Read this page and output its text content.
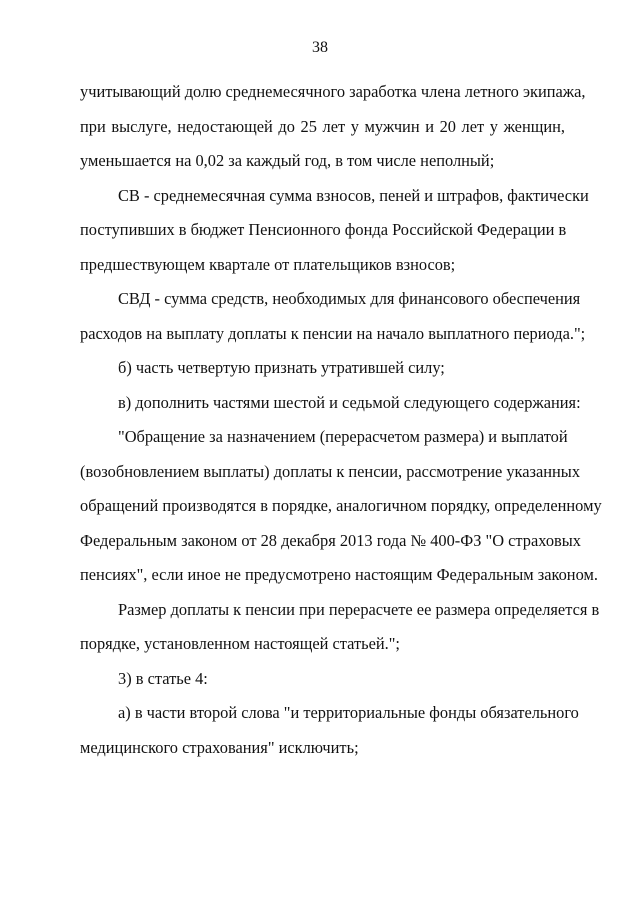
38

учитывающий долю среднемесячного заработка члена летного экипажа,

при выслуге, недостающей до 25 лет у мужчин и 20 лет у женщин,

уменьшается на 0,02 за каждый год, в том числе неполный;

СВ - среднемесячная сумма взносов, пеней и штрафов, фактически

поступивших в бюджет Пенсионного фонда Российской Федерации в

предшествующем квартале от плательщиков взносов;

СВД - сумма средств, необходимых для финансового обеспечения

расходов на выплату доплаты к пенсии на начало выплатного периода.";

б) часть четвертую признать утратившей силу;

в) дополнить частями шестой и седьмой следующего содержания:

"Обращение за назначением (перерасчетом размера) и выплатой

(возобновлением выплаты) доплаты к пенсии, рассмотрение указанных

обращений производятся в порядке, аналогичном порядку, определенному

Федеральным законом от 28 декабря 2013 года № 400-ФЗ "О страховых

пенсиях", если иное не предусмотрено настоящим Федеральным законом.

Размер доплаты к пенсии при перерасчете ее размера определяется в

порядке, установленном настоящей статьей.";

3) в статье 4:

а) в части второй слова "и территориальные фонды обязательного

медицинского страхования" исключить;
